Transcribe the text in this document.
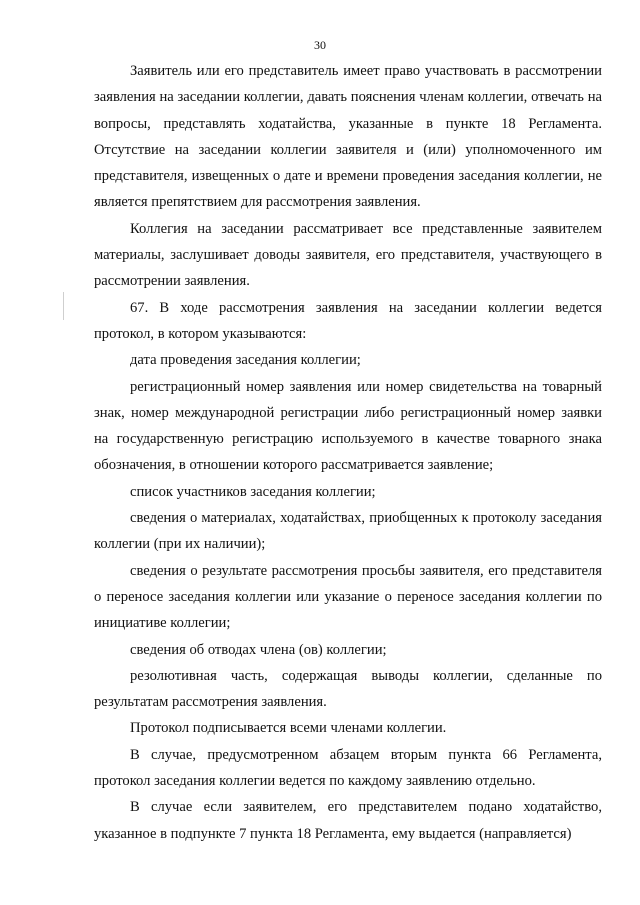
30

Заявитель или его представитель имеет право участвовать в рассмотрении заявления на заседании коллегии, давать пояснения членам коллегии, отвечать на вопросы, представлять ходатайства, указанные в пункте 18 Регламента. Отсутствие на заседании коллегии заявителя и (или) уполномоченного им представителя, извещенных о дате и времени проведения заседания коллегии, не является препятствием для рассмотрения заявления.

Коллегия на заседании рассматривает все представленные заявителем материалы, заслушивает доводы заявителя, его представителя, участвующего в рассмотрении заявления.

67. В ходе рассмотрения заявления на заседании коллегии ведется протокол, в котором указываются:

дата проведения заседания коллегии;

регистрационный номер заявления или номер свидетельства на товарный знак, номер международной регистрации либо регистрационный номер заявки на государственную регистрацию используемого в качестве товарного знака обозначения, в отношении которого рассматривается заявление;

список участников заседания коллегии;

сведения о материалах, ходатайствах, приобщенных к протоколу заседания коллегии (при их наличии);

сведения о результате рассмотрения просьбы заявителя, его представителя о переносе заседания коллегии или указание о переносе заседания коллегии по инициативе коллегии;

сведения об отводах члена (ов) коллегии;

резолютивная часть, содержащая выводы коллегии, сделанные по результатам рассмотрения заявления.

Протокол подписывается всеми членами коллегии.

В случае, предусмотренном абзацем вторым пункта 66 Регламента, протокол заседания коллегии ведется по каждому заявлению отдельно.

В случае если заявителем, его представителем подано ходатайство, указанное в подпункте 7 пункта 18 Регламента, ему выдается (направляется)
